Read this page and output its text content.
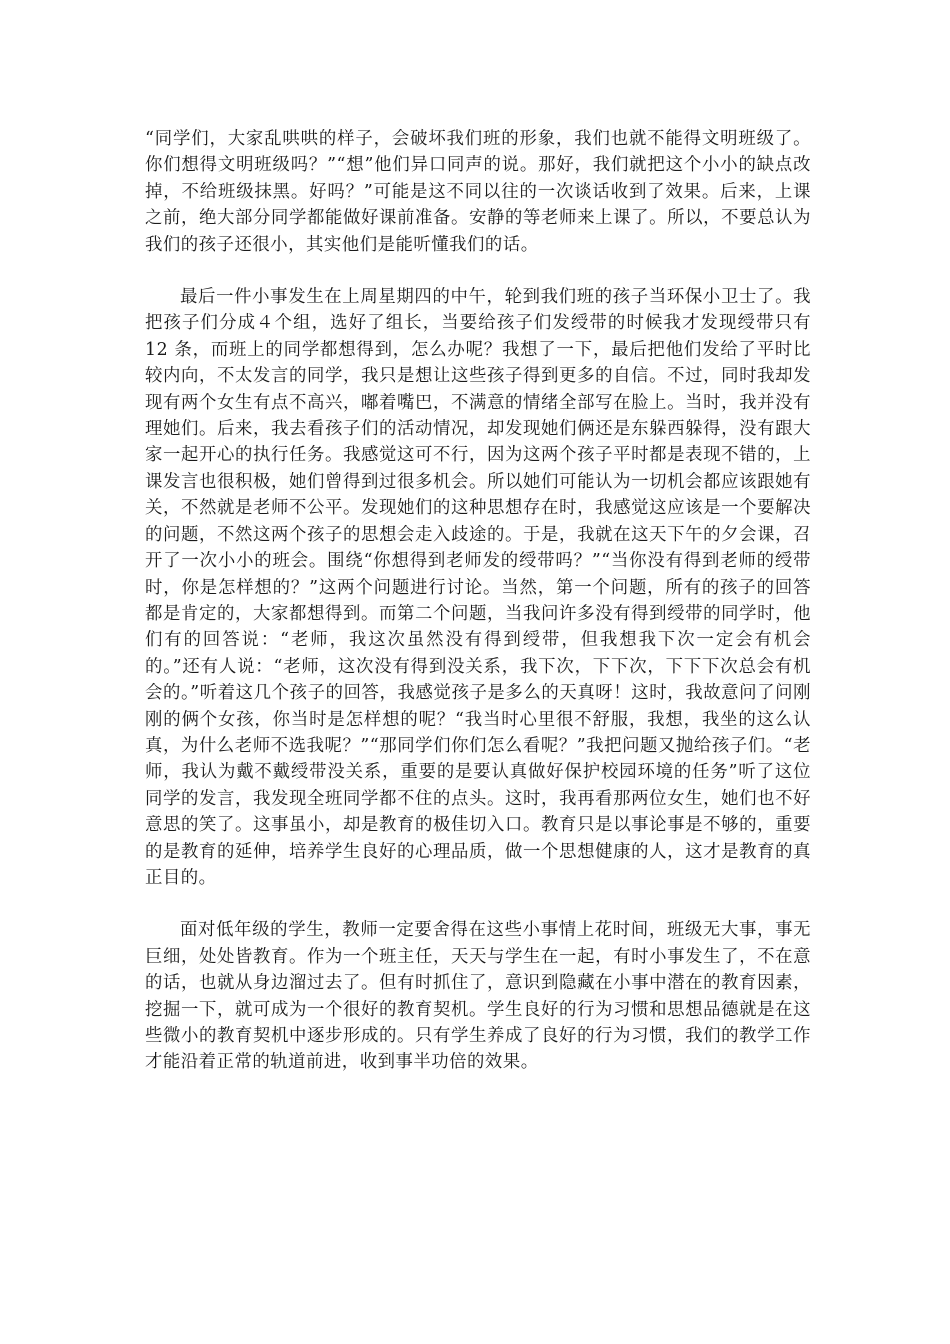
“同学们，大家乱哄哄的样子，会破坏我们班的形象，我们也就不能得文明班级了。你们想得文明班级吗？”“想”他们异口同声的说。那好，我们就把这个小小的缺点改掉，不给班级抹黑。好吗？”可能是这不同以往的一次谈话收到了效果。后来，上课之前，绝大部分同学都能做好课前准备。安静的等老师来上课了。所以，不要总认为我们的孩子还很小，其实他们是能听懂我们的话。

最后一件小事发生在上周星期四的中午，轮到我们班的孩子当环保小卫士了。我把孩子们分成４个组，选好了组长，当要给孩子们发绶带的时候我才发现绶带只有 12 条，而班上的同学都想得到，怎么办呢？我想了一下，最后把他们发给了平时比较内向，不太发言的同学，我只是想让这些孩子得到更多的自信。不过，同时我却发现有两个女生有点不高兴，嘟着嘴巴，不满意的情绪全部写在脸上。当时，我并没有理她们。后来，我去看孩子们的活动情况，却发现她们俩还是东躲西躲得，没有跟大家一起开心的执行任务。我感觉这可不行，因为这两个孩子平时都是表现不错的，上课发言也很积极，她们曾得到过很多机会。所以她们可能认为一切机会都应该跟她有关，不然就是老师不公平。发现她们的这种思想存在时，我感觉这应该是一个要解决的问题，不然这两个孩子的思想会走入歧途的。于是，我就在这天下午的夕会课，召开了一次小小的班会。围绕“你想得到老师发的绶带吗？”“当你没有得到老师的绶带时，你是怎样想的？”这两个问题进行讨论。当然，第一个问题，所有的孩子的回答都是肯定的，大家都想得到。而第二个问题，当我问许多没有得到绶带的同学时，他们有的回答说：“老师，我这次虽然没有得到绶带，但我想我下次一定会有机会的。”还有人说：“老师，这次没有得到没关系，我下次，下下次，下下下次总会有机会的。”听着这几个孩子的回答，我感觉孩子是多么的天真呀！这时，我故意问了问刚刚的俩个女孩，你当时是怎样想的呢？“我当时心里很不舒服，我想，我坐的这么认真，为什么老师不选我呢？”“那同学们你们怎么看呢？”我把问题又抛给孩子们。“老师，我认为戴不戴绶带没关系，重要的是要认真做好保护校园环境的任务”听了这位同学的发言，我发现全班同学都不住的点头。这时，我再看那两位女生，她们也不好意思的笑了。这事虽小，却是教育的极佳切入口。教育只是以事论事是不够的，重要的是教育的延伸，培养学生良好的心理品质，做一个思想健康的人，这才是教育的真正目的。

面对低年级的学生，教师一定要舍得在这些小事情上花时间，班级无大事，事无巨细，处处皆教育。作为一个班主任，天天与学生在一起，有时小事发生了，不在意的话，也就从身边溜过去了。但有时抓住了，意识到隐藏在小事中潜在的教育因素，挖掘一下，就可成为一个很好的教育契机。学生良好的行为习惯和思想品德就是在这些微小的教育契机中逐步形成的。只有学生养成了良好的行为习惯，我们的教学工作才能沿着正常的轨道前进，收到事半功倍的效果。
